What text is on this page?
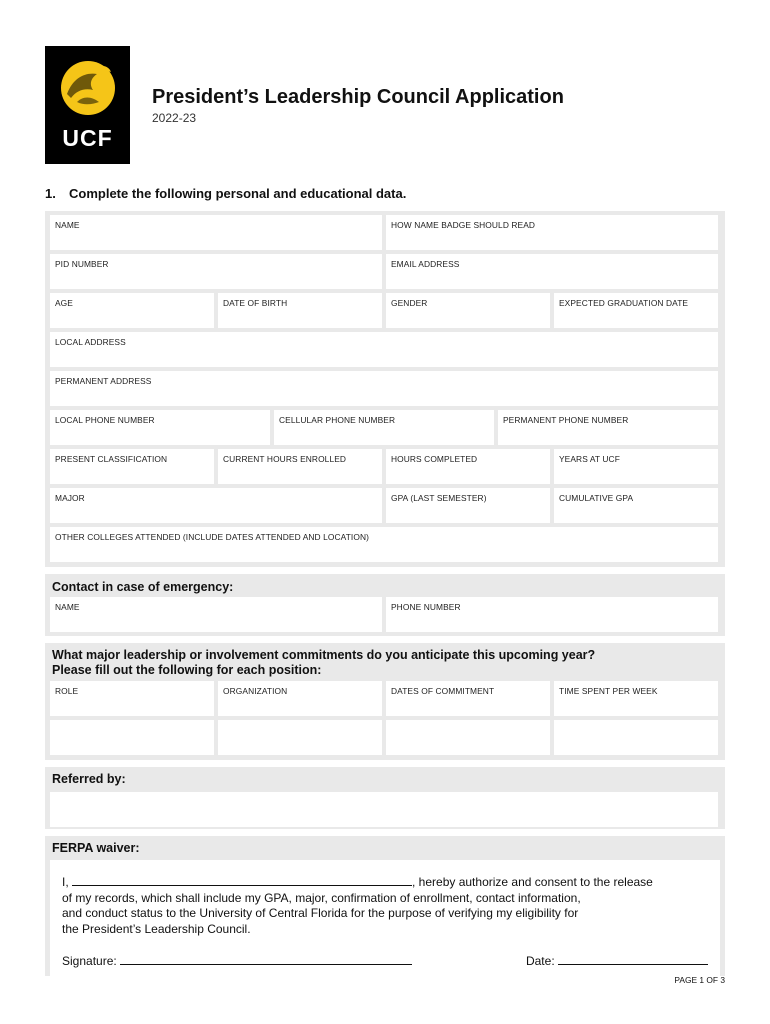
UCF
President’s Leadership Council Application
2022-23
1. Complete the following personal and educational data.
NAME	HOW NAME BADGE SHOULD READ
PID NUMBER	EMAIL ADDRESS
AGE	DATE OF BIRTH	GENDER	EXPECTED GRADUATION DATE
LOCAL ADDRESS
PERMANENT ADDRESS
LOCAL PHONE NUMBER	CELLULAR PHONE NUMBER	PERMANENT PHONE NUMBER
PRESENT CLASSIFICATION	CURRENT HOURS ENROLLED	HOURS COMPLETED	YEARS AT UCF
MAJOR	GPA (LAST SEMESTER)	CUMULATIVE GPA
OTHER COLLEGES ATTENDED (INCLUDE DATES ATTENDED AND LOCATION)
Contact in case of emergency:
NAME	PHONE NUMBER
What major leadership or involvement commitments do you anticipate this upcoming year?
Please fill out the following for each position:
ROLE	ORGANIZATION	DATES OF COMMITMENT	TIME SPENT PER WEEK
Referred by:
FERPA waiver:
I,	, hereby authorize and consent to the release
of my records, which shall include my GPA, major, confirmation of enrollment, contact information,
and conduct status to the University of Central Florida for the purpose of verifying my eligibility for
the President’s Leadership Council.
Signature:	Date:
PAGE 1 OF 3
